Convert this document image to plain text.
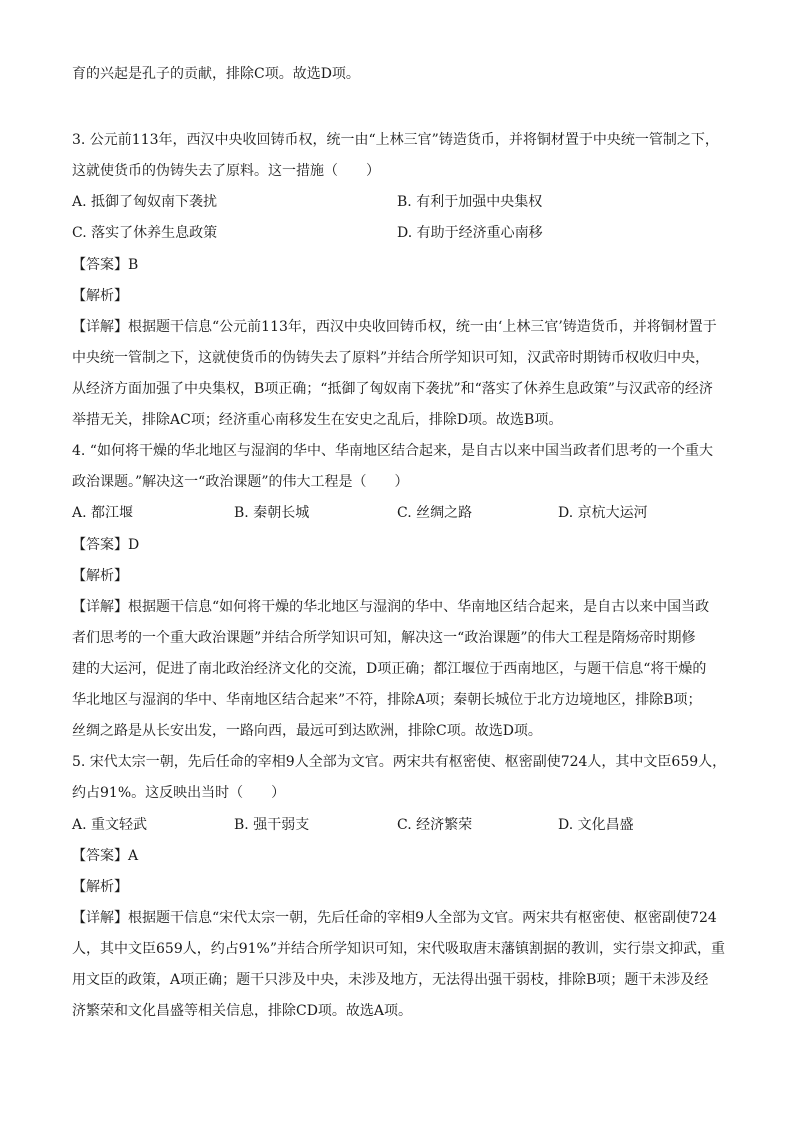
育的兴起是孔子的贡献，排除C项。故选D项。
3. 公元前113年，西汉中央收回铸币权，统一由“上林三官”铸造货币，并将铜材置于中央统一管制之下，
这就使货币的伪铸失去了原料。这一措施（　　）
A. 抵御了匈奴南下袭扰	B. 有利于加强中央集权
C. 落实了休养生息政策	D. 有助于经济重心南移
【答案】B
【解析】
【详解】根据题干信息“公元前113年，西汉中央收回铸币权，统一由‘上林三官’铸造货币，并将铜材置于
中央统一管制之下，这就使货币的伪铸失去了原料”并结合所学知识可知，汉武帝时期铸币权收归中央，
从经济方面加强了中央集权，B项正确；“抵御了匈奴南下袭扰”和“落实了休养生息政策”与汉武帝的经济
举措无关，排除AC项；经济重心南移发生在安史之乱后，排除D项。故选B项。
4. “如何将干燥的华北地区与湿润的华中、华南地区结合起来，是自古以来中国当政者们思考的一个重大
政治课题。”解决这一“政治课题”的伟大工程是（　　）
A. 都江堰	B. 秦朝长城	C. 丝绸之路	D. 京杭大运河
【答案】D
【解析】
【详解】根据题干信息“如何将干燥的华北地区与湿润的华中、华南地区结合起来，是自古以来中国当政
者们思考的一个重大政治课题”并结合所学知识可知，解决这一“政治课题”的伟大工程是隋炀帝时期修
建的大运河，促进了南北政治经济文化的交流，D项正确；都江堰位于西南地区，与题干信息“将干燥的
华北地区与湿润的华中、华南地区结合起来”不符，排除A项；秦朝长城位于北方边境地区，排除B项；
丝绸之路是从长安出发，一路向西，最远可到达欧洲，排除C项。故选D项。
5. 宋代太宗一朝，先后任命的宰相9人全部为文官。两宋共有枢密使、枢密副使724人，其中文臣659人，
约占91%。这反映出当时（　　）
A. 重文轻武	B. 强干弱支	C. 经济繁荣	D. 文化昌盛
【答案】A
【解析】
【详解】根据题干信息“宋代太宗一朝，先后任命的宰相9人全部为文官。两宋共有枢密使、枢密副使724
人，其中文臣659人，约占91%”并结合所学知识可知，宋代吸取唐末藩镇割据的教训，实行崇文抑武，重
用文臣的政策，A项正确；题干只涉及中央，未涉及地方，无法得出强干弱枝，排除B项；题干未涉及经
济繁荣和文化昌盛等相关信息，排除CD项。故选A项。
